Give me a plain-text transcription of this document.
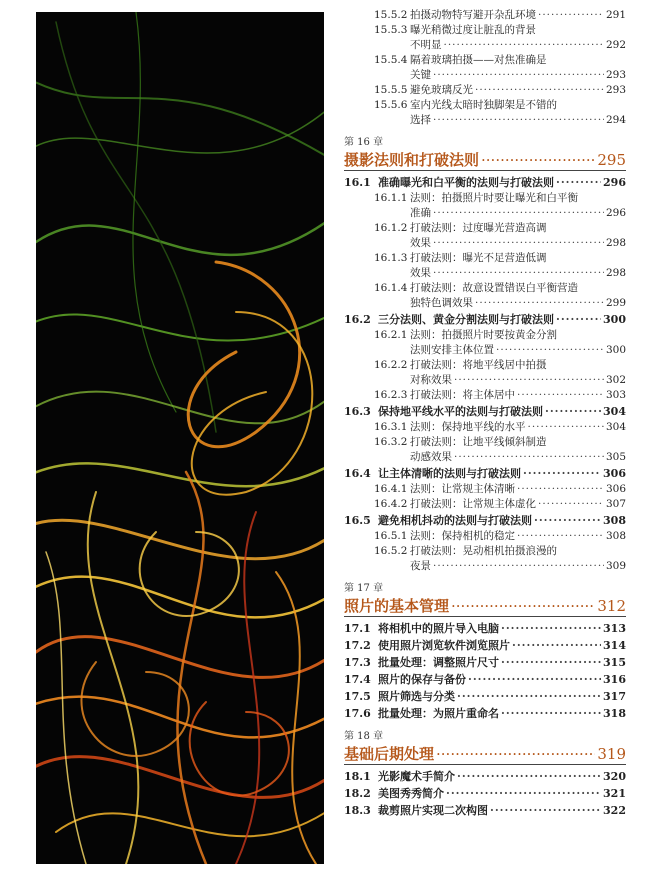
15.5.2 拍摄动物特写避开杂乱环境 ·····	291
15.5.3 曝光稍微过度让脏乱的背景
不明显 ·····	292
15.5.4 隔着玻璃拍摄——对焦准确是
关键 ·····	293
15.5.5 避免玻璃反光 ·····	293
15.5.6 室内光线太暗时独脚架是不错的
选择 ·····	294
第 16 章
摄影法则和打破法则 ·····	295
16.1 准确曝光和白平衡的法则与打破法则 ·····	296
16.1.1 法则：拍摄照片时要让曝光和白平衡
准确 ·····	296
16.1.2 打破法则：过度曝光营造高调
效果 ·····	298
16.1.3 打破法则：曝光不足营造低调
效果 ·····	298
16.1.4 打破法则：故意设置错误白平衡营造
独特色调效果 ·····	299
16.2 三分法则、黄金分割法则与打破法则 ·····	300
16.2.1 法则：拍摄照片时要按黄金分割
法则安排主体位置 ·····	300
16.2.2 打破法则：将地平线居中拍摄
对称效果 ·····	302
16.2.3 打破法则：将主体居中 ·····	303
16.3 保持地平线水平的法则与打破法则 ·····	304
16.3.1 法则：保持地平线的水平 ·····	304
16.3.2 打破法则：让地平线倾斜制造
动感效果 ·····	305
16.4 让主体清晰的法则与打破法则 ·····	306
16.4.1 法则：让常规主体清晰 ·····	306
16.4.2 打破法则：让常规主体虚化 ·····	307
16.5 避免相机抖动的法则与打破法则 ·····	308
16.5.1 法则：保持相机的稳定 ·····	308
16.5.2 打破法则：晃动相机拍摄浪漫的
夜景 ·····	309
第 17 章
照片的基本管理 ·····	312
17.1 将相机中的照片导入电脑 ·····	313
17.2 使用照片浏览软件浏览照片 ·····	314
17.3 批量处理：调整照片尺寸 ·····	315
17.4 照片的保存与备份 ·····	316
17.5 照片筛选与分类 ·····	317
17.6 批量处理：为照片重命名 ·····	318
第 18 章
基础后期处理 ·····	319
18.1 光影魔术手简介 ·····	320
18.2 美图秀秀简介 ·····	321
18.3 裁剪照片实现二次构图 ·····	322
